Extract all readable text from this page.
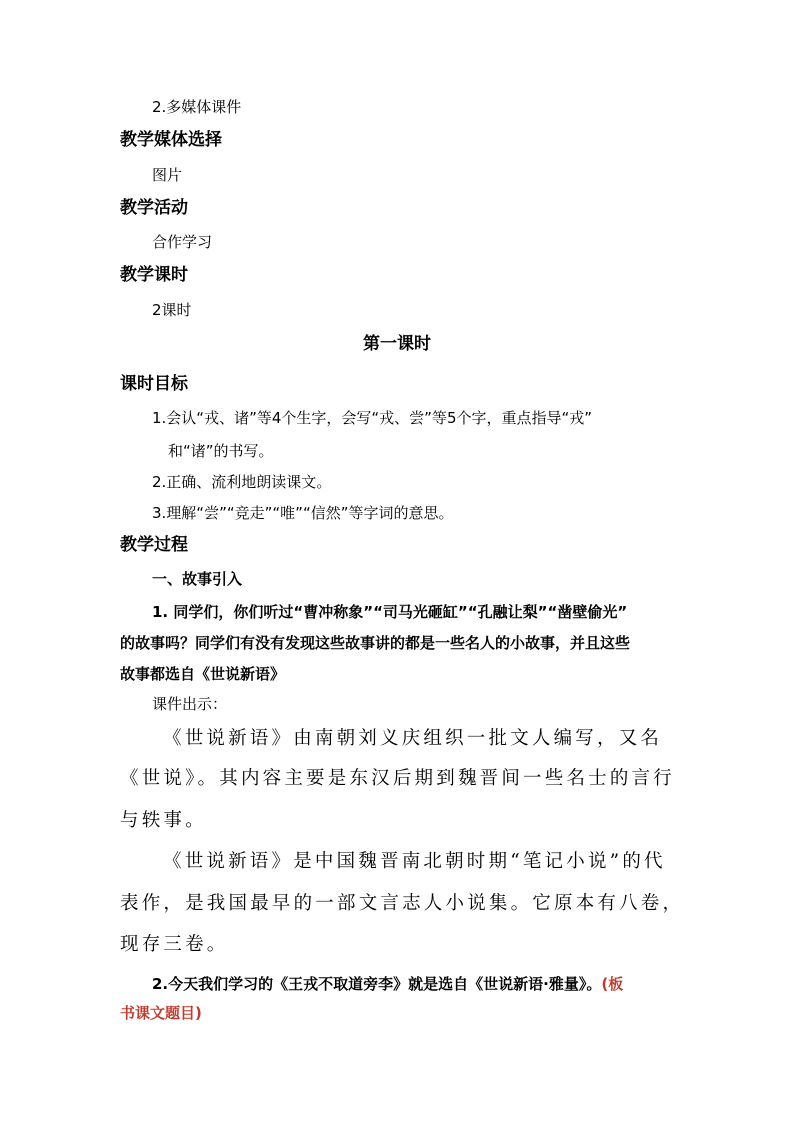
2.多媒体课件
教学媒体选择
图片
教学活动
合作学习
教学课时
2课时
第一课时
课时目标
1.会认“戎、诸”等4个生字，会写“戎、尝”等5个字，重点指导“戎”
和“诸”的书写。
2.正确、流利地朗读课文。
3.理解“尝”“竞走”“唯”“信然”等字词的意思。
教学过程
一、故事引入
1. 同学们，你们听过“曹冲称象”“司马光砸缸”“孔融让梨”“凿壁偷光”
的故事吗？同学们有没有发现这些故事讲的都是一些名人的小故事，并且这些
故事都选自《世说新语》
课件出示：
《世说新语》由南朝刘义庆组织一批文人编写，又名
《世说》。其内容主要是东汉后期到魏晋间一些名士的言行
与轶事。
《世说新语》是中国魏晋南北朝时期“笔记小说”的代
表作，是我国最早的一部文言志人小说集。它原本有八卷，
现存三卷。
2.今天我们学习的《王戎不取道旁李》就是选自《世说新语·雅量》。(板
书课文题目)
